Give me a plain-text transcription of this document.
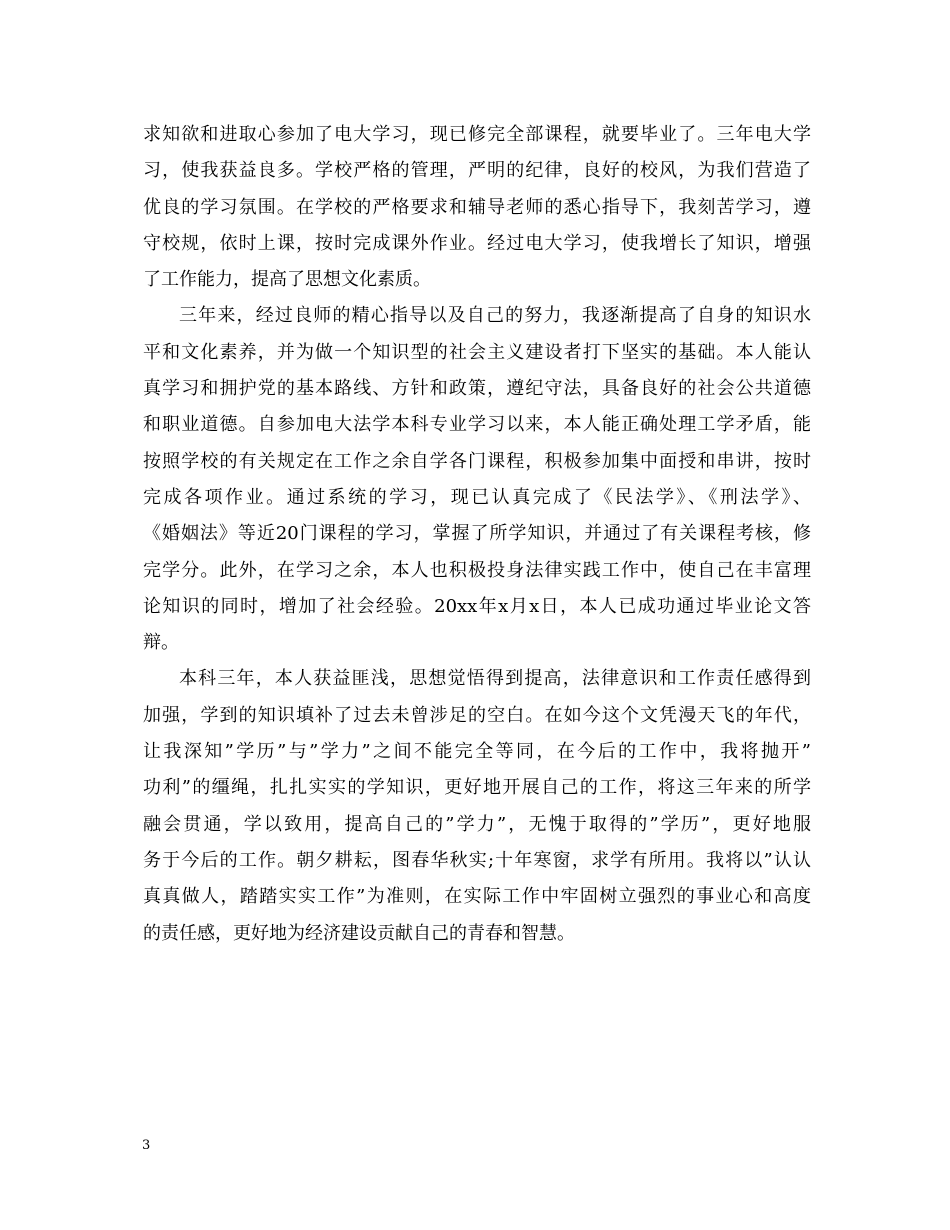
求知欲和进取心参加了电大学习，现已修完全部课程，就要毕业了。三年电大学
习，使我获益良多。学校严格的管理，严明的纪律，良好的校风，为我们营造了
优良的学习氛围。在学校的严格要求和辅导老师的悉心指导下，我刻苦学习，遵
守校规，依时上课，按时完成课外作业。经过电大学习，使我增长了知识，增强
了工作能力，提高了思想文化素质。
三年来，经过良师的精心指导以及自己的努力，我逐渐提高了自身的知识水
平和文化素养，并为做一个知识型的社会主义建设者打下坚实的基础。本人能认
真学习和拥护党的基本路线、方针和政策，遵纪守法，具备良好的社会公共道德
和职业道德。自参加电大法学本科专业学习以来，本人能正确处理工学矛盾，能
按照学校的有关规定在工作之余自学各门课程，积极参加集中面授和串讲，按时
完成各项作业。通过系统的学习，现已认真完成了《民法学》、《刑法学》、
《婚姻法》等近20门课程的学习，掌握了所学知识，并通过了有关课程考核，修
完学分。此外，在学习之余，本人也积极投身法律实践工作中，使自己在丰富理
论知识的同时，增加了社会经验。20xx年x月x日，本人已成功通过毕业论文答
辩。
本科三年，本人获益匪浅，思想觉悟得到提高，法律意识和工作责任感得到
加强，学到的知识填补了过去未曾涉足的空白。在如今这个文凭漫天飞的年代，
让我深知”学历”与”学力”之间不能完全等同，在今后的工作中，我将抛开”
功利”的缰绳，扎扎实实的学知识，更好地开展自己的工作，将这三年来的所学
融会贯通，学以致用，提高自己的”学力”，无愧于取得的”学历”，更好地服
务于今后的工作。朝夕耕耘，图春华秋实;十年寒窗，求学有所用。我将以”认认
真真做人，踏踏实实工作”为准则，在实际工作中牢固树立强烈的事业心和高度
的责任感，更好地为经济建设贡献自己的青春和智慧。
3
